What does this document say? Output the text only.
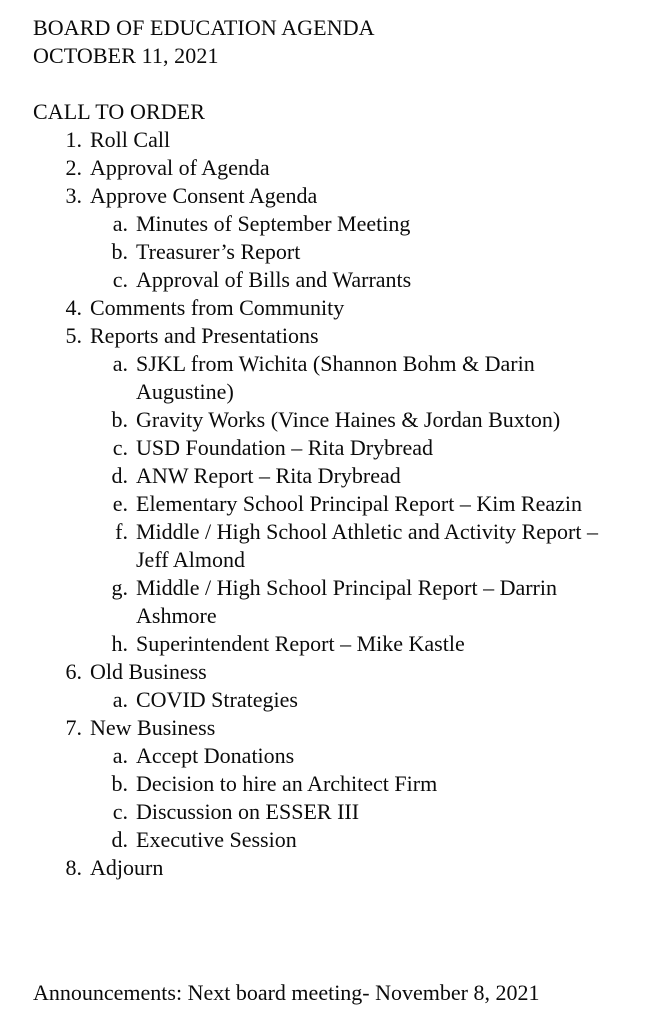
BOARD OF EDUCATION AGENDA
OCTOBER 11, 2021
CALL TO ORDER
1. Roll Call
2. Approval of Agenda
3. Approve Consent Agenda
a. Minutes of September Meeting
b. Treasurer’s Report
c. Approval of Bills and Warrants
4. Comments from Community
5. Reports and Presentations
a. SJKL from Wichita (Shannon Bohm & Darin Augustine)
b. Gravity Works (Vince Haines & Jordan Buxton)
c. USD Foundation – Rita Drybread
d. ANW Report – Rita Drybread
e. Elementary School Principal Report – Kim Reazin
f. Middle / High School Athletic and Activity Report – Jeff Almond
g. Middle / High School Principal Report – Darrin Ashmore
h. Superintendent Report – Mike Kastle
6. Old Business
a. COVID Strategies
7. New Business
a. Accept Donations
b. Decision to hire an Architect Firm
c. Discussion on ESSER III
d. Executive Session
8. Adjourn
Announcements: Next board meeting- November 8, 2021
